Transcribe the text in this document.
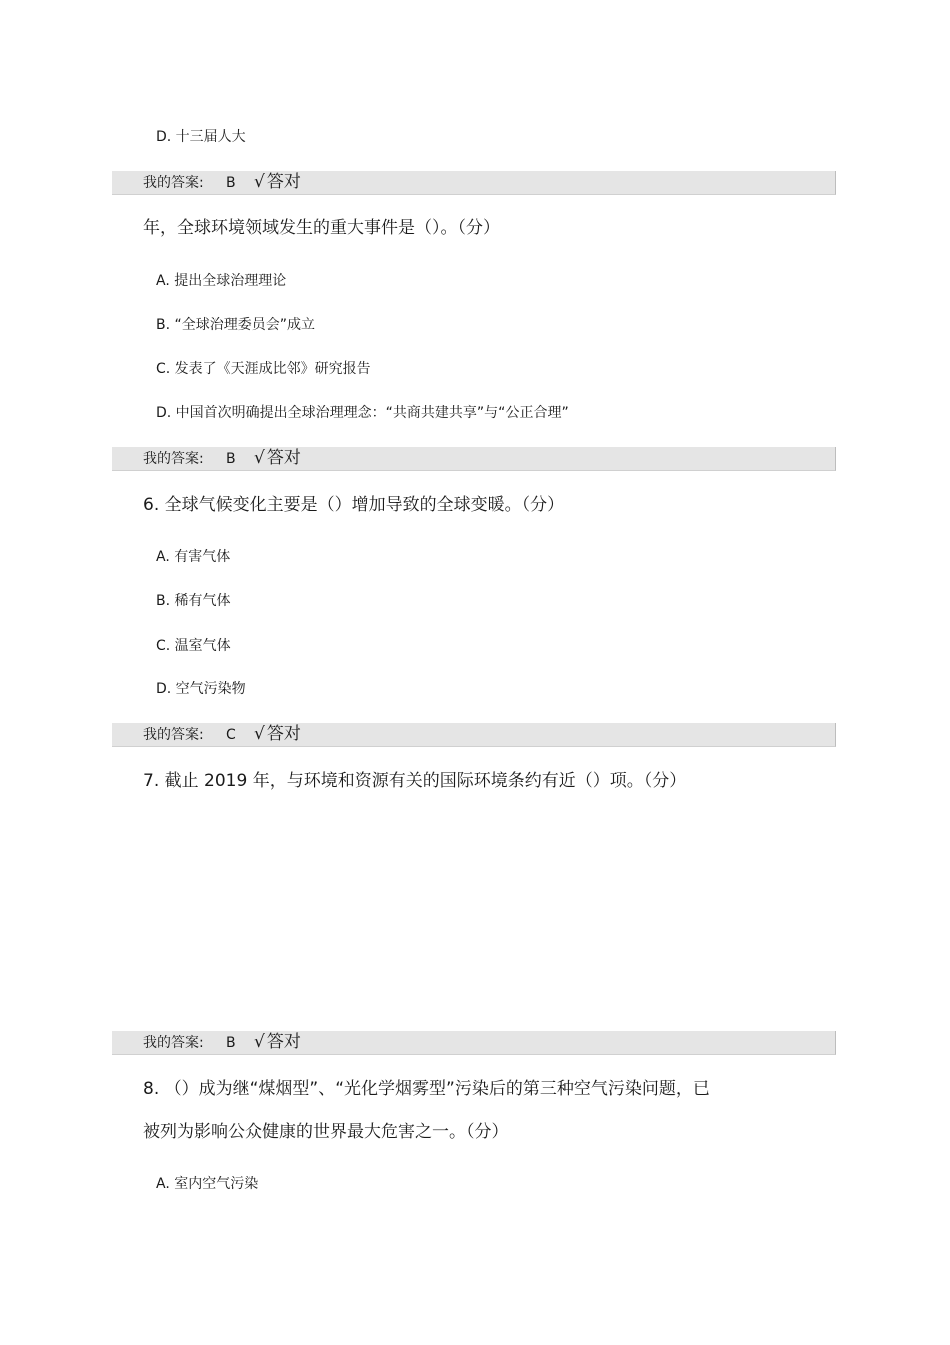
D. 十三届人大
我的答案: B √ 答对
年，全球环境领域发生的重大事件是（）。（分）
A. 提出全球治理理论
B. “全球治理委员会”成立
C. 发表了《天涯成比邻》研究报告
D. 中国首次明确提出全球治理理念：“共商共建共享”与“公正合理”
我的答案: B √ 答对
6. 全球气候变化主要是（）增加导致的全球变暖。（分）
A. 有害气体
B. 稀有气体
C. 温室气体
D. 空气污染物
我的答案: C √ 答对
7. 截止 2019 年，与环境和资源有关的国际环境条约有近（）项。（分）
我的答案: B √ 答对
8. （）成为继“煤烟型”、“光化学烟雾型”污染后的第三种空气污染问题，已
被列为影响公众健康的世界最大危害之一。（分）
A. 室内空气污染
